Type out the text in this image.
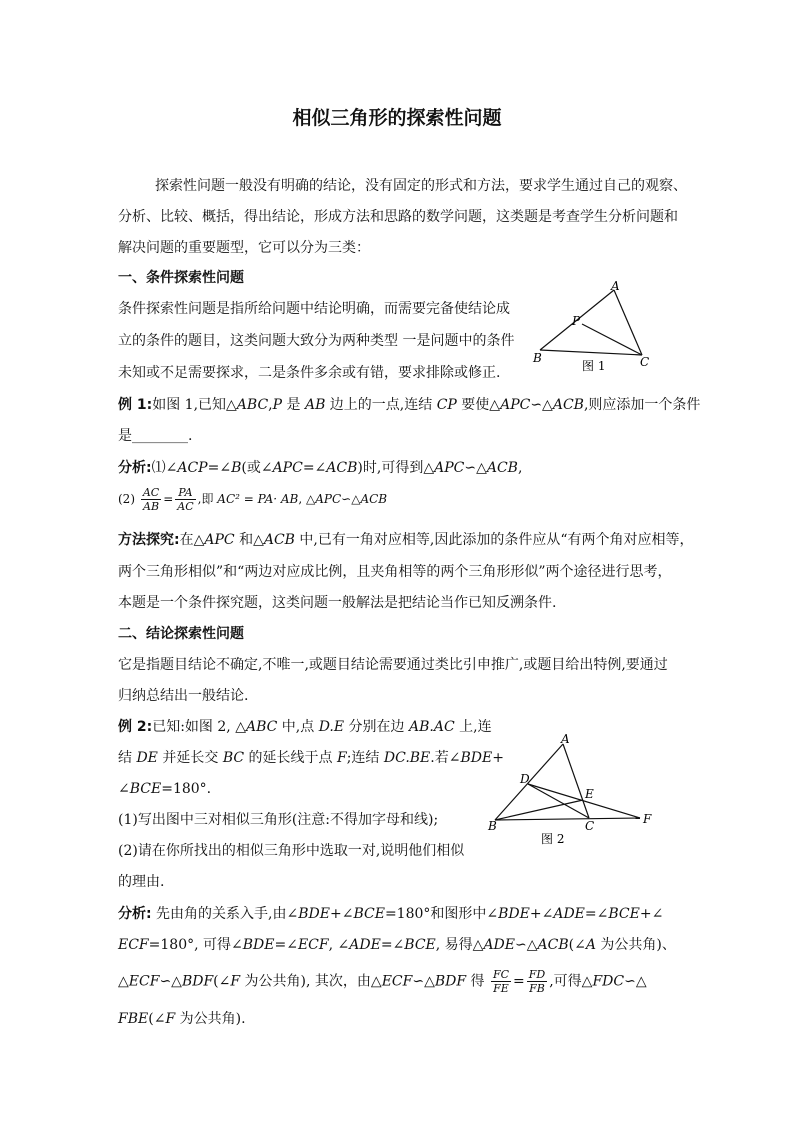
相似三角形的探索性问题
探索性问题一般没有明确的结论，没有固定的形式和方法，要求学生通过自己的观察、
分析、比较、概括，得出结论，形成方法和思路的数学问题，这类题是考查学生分析问题和
解决问题的重要题型，它可以分为三类：
一、条件探索性问题
条件探索性问题是指所给问题中结论明确，而需要完备使结论成
立的条件的题目，这类问题大致分为两种类型 一是问题中的条件
未知或不足需要探求，二是条件多余或有错，要求排除或修正.
A
P
B	C
图 1
例 1:如图 1,已知△ABC,P 是 AB 边上的一点,连结 CP 要使△APC∽△ACB,则应添加一个条件
是________.
分析:⑴∠ACP=∠B(或∠APC=∠ACB)时,可得到△APC∽△ACB,
$(2) \frac{AC}{AB} = \frac{PA}{AC}$ ,即 AC² = PA· AB, △APC∽△ACB
方法探究:在△APC 和△ACB 中,已有一角对应相等,因此添加的条件应从“有两个角对应相等，
两个三角形相似”和“两边对应成比例，且夹角相等的两个三角形形似”两个途径进行思考，
本题是一个条件探究题，这类问题一般解法是把结论当作已知反溯条件.
二、结论探索性问题
它是指题目结论不确定,不唯一,或题目结论需要通过类比引申推广,或题目给出特例,要通过
归纳总结出一般结论.
例 2:已知:如图 2, △ABC 中,点 D.E 分别在边 AB.AC 上,连
结 DE 并延长交 BC 的延长线于点 F;连结 DC.BE.若∠BDE+
∠BCE=180°.
(1)写出图中三对相似三角形(注意:不得加字母和线);
(2)请在你所找出的相似三角形中选取一对,说明他们相似
的理由.
A
D
E
B	C	F
图 2
分析: 先由角的关系入手,由∠BDE+∠BCE=180°和图形中∠BDE+∠ADE=∠BCE+∠
ECF=180°, 可得∠BDE=∠ECF, ∠ADE=∠BCE, 易得△ADE∽△ACB(∠A 为公共角)、
△ECF∽△BDF(∠F 为公共角), 其次，由△ECF∽△BDF 得 $\frac{FC}{FE} = \frac{FD}{FB}$ ,可得△FDC∽△
FBE(∠F 为公共角).
